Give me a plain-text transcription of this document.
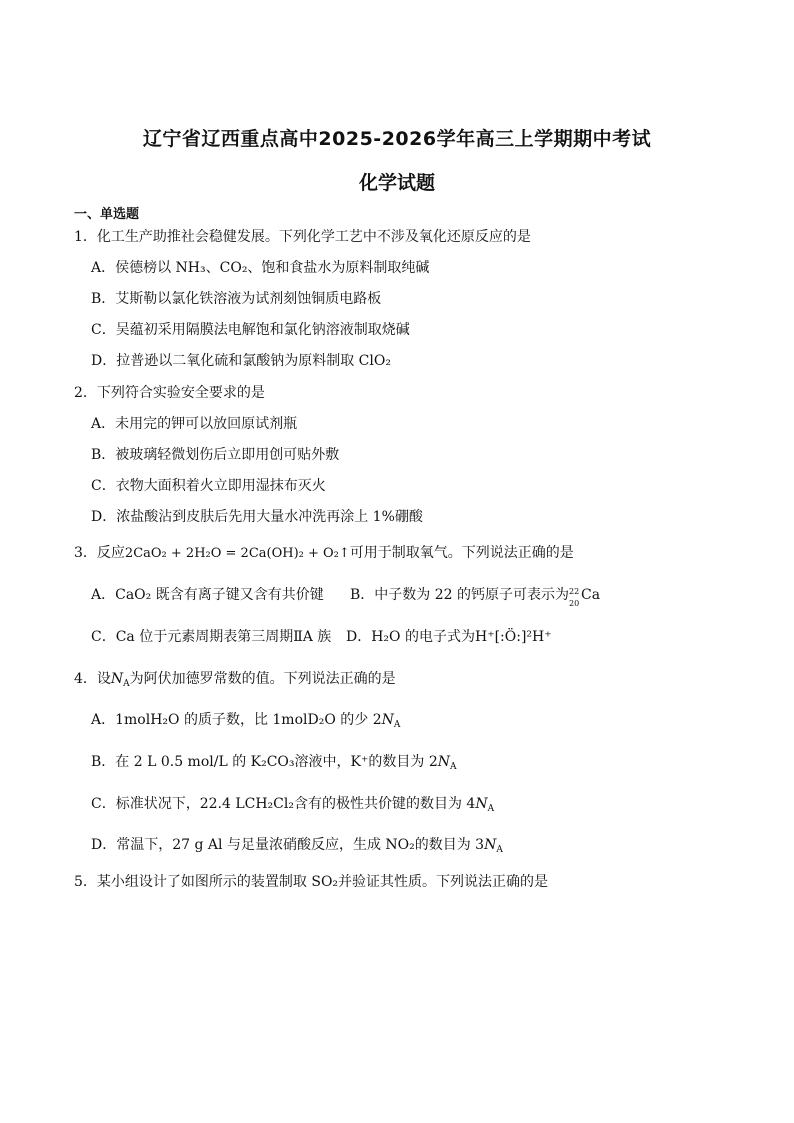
辽宁省辽西重点高中2025-2026学年高三上学期期中考试
化学试题
一、单选题
1．化工生产助推社会稳健发展。下列化学工艺中不涉及氧化还原反应的是
A．侯德榜以 NH₃、CO₂、饱和食盐水为原料制取纯碱
B．艾斯勒以氯化铁溶液为试剂刻蚀铜质电路板
C．吴蕴初采用隔膜法电解饱和氯化钠溶液制取烧碱
D．拉普逊以二氧化硫和氯酸钠为原料制取 ClO₂
2．下列符合实验安全要求的是
A．未用完的钾可以放回原试剂瓶
B．被玻璃轻微划伤后立即用创可贴外敷
C．衣物大面积着火立即用湿抹布灭火
D．浓盐酸沾到皮肤后先用大量水冲洗再涂上 1%硼酸
3．反应2CaO₂ + 2H₂O = 2Ca(OH)₂ + O₂↑可用于制取氧气。下列说法正确的是
A．CaO₂ 既含有离子键又含有共价键 B．中子数为 22 的钙原子可表示为 22
20
Ca
C．Ca 位于元素周期表第三周期ⅡA 族 D．H₂O 的电子式为H⁺[:Ö:]²H⁺
4．设$N_A$为阿伏加德罗常数的值。下列说法正确的是
A．1molH₂O 的质子数，比 1molD₂O 的少 $2N_A$
B．在 2 L 0.5 mol/L 的 K₂CO₃溶液中，K⁺的数目为 $2N_A$
C．标准状况下，22.4 LCH₂Cl₂含有的极性共价键的数目为 $4N_A$
D．常温下，27 g Al 与足量浓硝酸反应，生成 NO₂的数目为 $3N_A$
5．某小组设计了如图所示的装置制取 SO₂并验证其性质。下列说法正确的是
